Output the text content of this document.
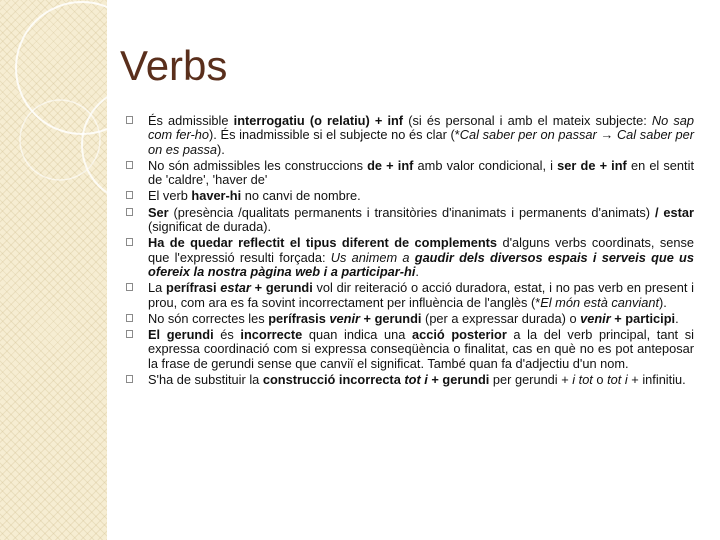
Verbs
És admissible interrogatiu (o relatiu) + inf (si és personal i amb el mateix subjecte: No sap com fer-ho). És inadmissible si el subjecte no és clar (*Cal saber per on passar → Cal saber per on es passa).
No són admissibles les construccions de + inf amb valor condicional, i ser de + inf en el sentit de 'caldre', 'haver de'
El verb haver-hi no canvi de nombre.
Ser (presència /qualitats permanents i transitòries d'inanimats i permanents d'animats) / estar (significat de durada).
Ha de quedar reflectit el tipus diferent de complements d'alguns verbs coordinats, sense que l'expressió resulti forçada: Us animem a gaudir dels diversos espais i serveis que us ofereix la nostra pàgina web i a participar-hi.
La perífrasi estar + gerundi vol dir reiteració o acció duradora, estat, i no pas verb en present i prou, com ara es fa sovint incorrectament per influència de l'anglès (*El món està canviant).
No són correctes les perífrasis venir + gerundi (per a expressar durada) o venir + participi.
El gerundi és incorrecte quan indica una acció posterior a la del verb principal, tant si expressa coordinació com si expressa conseqüència o finalitat, cas en què no es pot anteposar la frase de gerundi sense que canviï el significat. També quan fa d'adjectiu d'un nom.
S'ha de substituir la construcció incorrecta tot i + gerundi per gerundi + i tot o tot i + infinitiu.
